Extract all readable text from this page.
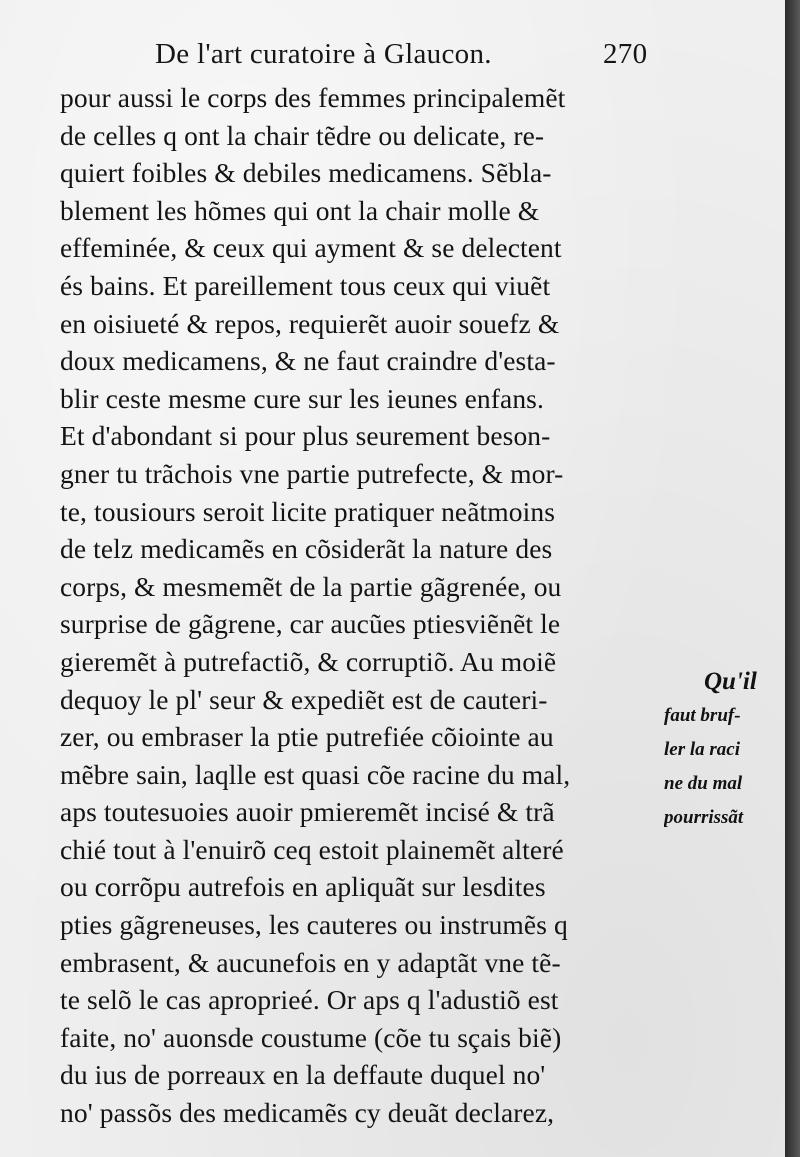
De l'art curatoire à Glaucon.	270
pour aussi le corps des femmes principalemẽt
de celles q ont la chair tẽdre ou delicate, re-
quiert foibles & debiles medicamens. Sẽbla-
blement les hõmes qui ont la chair molle &
effeminée, & ceux qui ayment & se delectent
és bains. Et pareillement tous ceux qui viuẽt
en oisiueté & repos, requierẽt auoir souefz &
doux medicamens, & ne faut craindre d'esta-
blir ceste mesme cure sur les ieunes enfans.
Et d'abondant si pour plus seurement beson-
gner tu trãchois vne partie putrefecte, & mor-
te, tousiours seroit licite pratiquer neãtmoins
de telz medicamẽs en cõsiderãt la nature des
corps, & mesmemẽt de la partie gãgrenée, ou
surprise de gãgrene, car aucũes ptiesviẽnẽt le
gieremẽt à putrefactiõ, & corruptiõ. Au moiẽ
dequoy le pl' seur & expediẽt est de cauteri-
zer, ou embraser la ptie putrefiée cõiointe au
mẽbre sain, laqlle est quasi cõe racine du mal,
aps toutesuoies auoir pmieremẽt incisé & trã
chié tout à l'enuirõ ceq estoit plainemẽt alteré
ou corrõpu autrefois en apliquãt sur lesdites
pties gãgreneuses, les cauteres ou instrumẽs q
embrasent, & aucunefois en y adaptãt vne tẽ-
te selõ le cas aproprieé. Or aps q l'adustiõ est
faite, no' auonsde coustume (cõe tu sçais biẽ)
du ius de porreaux en la deffaute duquel no'
no' passõs des medicamẽs cy deuãt declarez,
Qu'il
faut bruf-
ler la raci
ne du mal
pourrissãt
